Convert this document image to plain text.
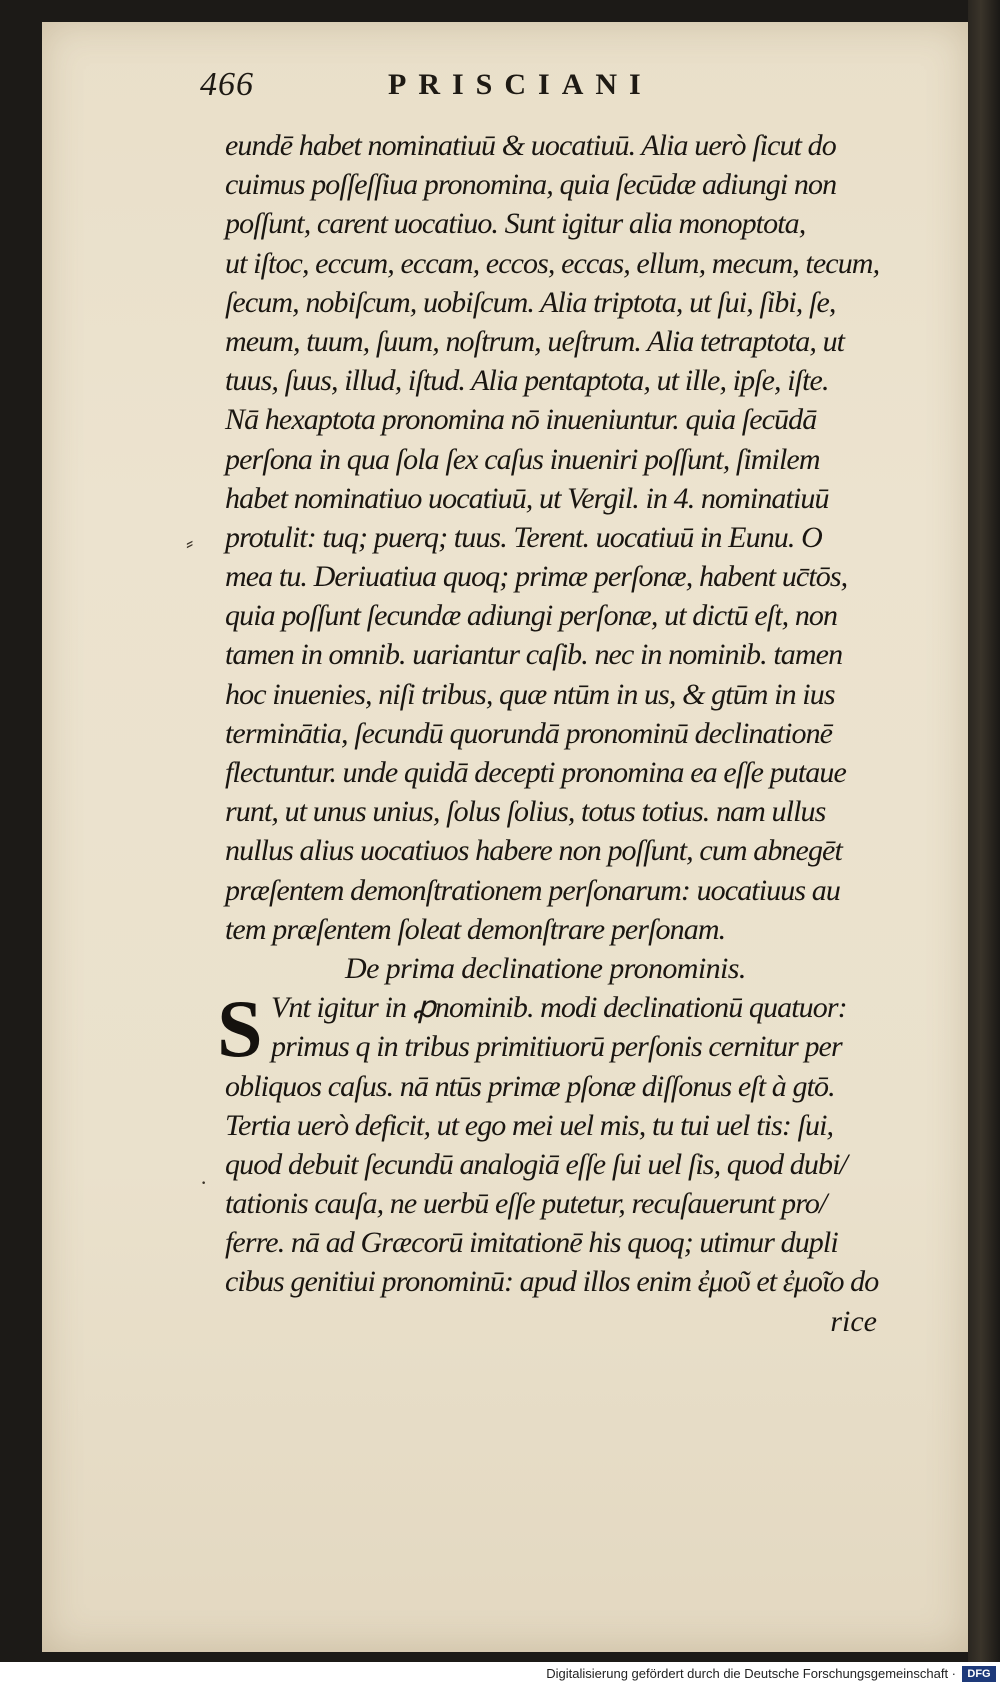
⸗
·
466	PRISCIANI
eundē habet nominatiuū & uocatiuū. Alia uerò ſicut do
cuimus poſſeſſiua pronomina, quia ſecūdæ adiungi non
poſſunt, carent uocatiuo. Sunt igitur alia monoptota,
ut iſtoc, eccum, eccam, eccos, eccas, ellum, mecum, tecum,
ſecum, nobiſcum, uobiſcum. Alia triptota, ut ſui, ſibi, ſe,
meum, tuum, ſuum, noſtrum, ueſtrum. Alia tetraptota, ut
tuus, ſuus, illud, iſtud. Alia pentaptota, ut ille, ipſe, iſte.
Nā hexaptota pronomina nō inueniuntur. quia ſecūdā
perſona in qua ſola ſex caſus inueniri poſſunt, ſimilem
habet nominatiuo uocatiuū, ut Vergil. in 4. nominatiuū
protulit: tuq; puerq; tuus. Terent. uocatiuū in Eunu. O
mea tu. Deriuatiua quoq; primæ perſonæ, habent uc̄tōs,
quia poſſunt ſecundæ adiungi perſonæ, ut dictū eſt, non
tamen in omnib. uariantur caſib. nec in nominib. tamen
hoc inuenies, niſi tribus, quæ ntūm in us, & gtūm in ius
terminātia, ſecundū quorundā pronominū declinationē
flectuntur. unde quidā decepti pronomina ea eſſe putaue
runt, ut unus unius, ſolus ſolius, totus totius. nam ullus
nullus alius uocatiuos habere non poſſunt, cum abnegēt
præſentem demonſtrationem perſonarum: uocatiuus au
tem præſentem ſoleat demonſtrare perſonam.
De prima declinatione pronominis.
S Vnt igitur in ꝓnominib. modi declinationū quatuor:
primus q in tribus primitiuorū perſonis cernitur per
obliquos caſus. nā ntūs primæ pſonæ diſſonus eſt à gtō.
Tertia uerò deficit, ut ego mei uel mis, tu tui uel tis: ſui,
quod debuit ſecundū analogiā eſſe ſui uel ſis, quod dubi/
tationis cauſa, ne uerbū eſſe putetur, recuſauerunt pro/
ferre. nā ad Græcorū imitationē his quoq; utimur dupli
cibus genitiui pronominū: apud illos enim ἐμοῦ et ἐμοῖο do
rice
Digitalisierung gefördert durch die Deutsche Forschungsgemeinschaft ·	DFG
